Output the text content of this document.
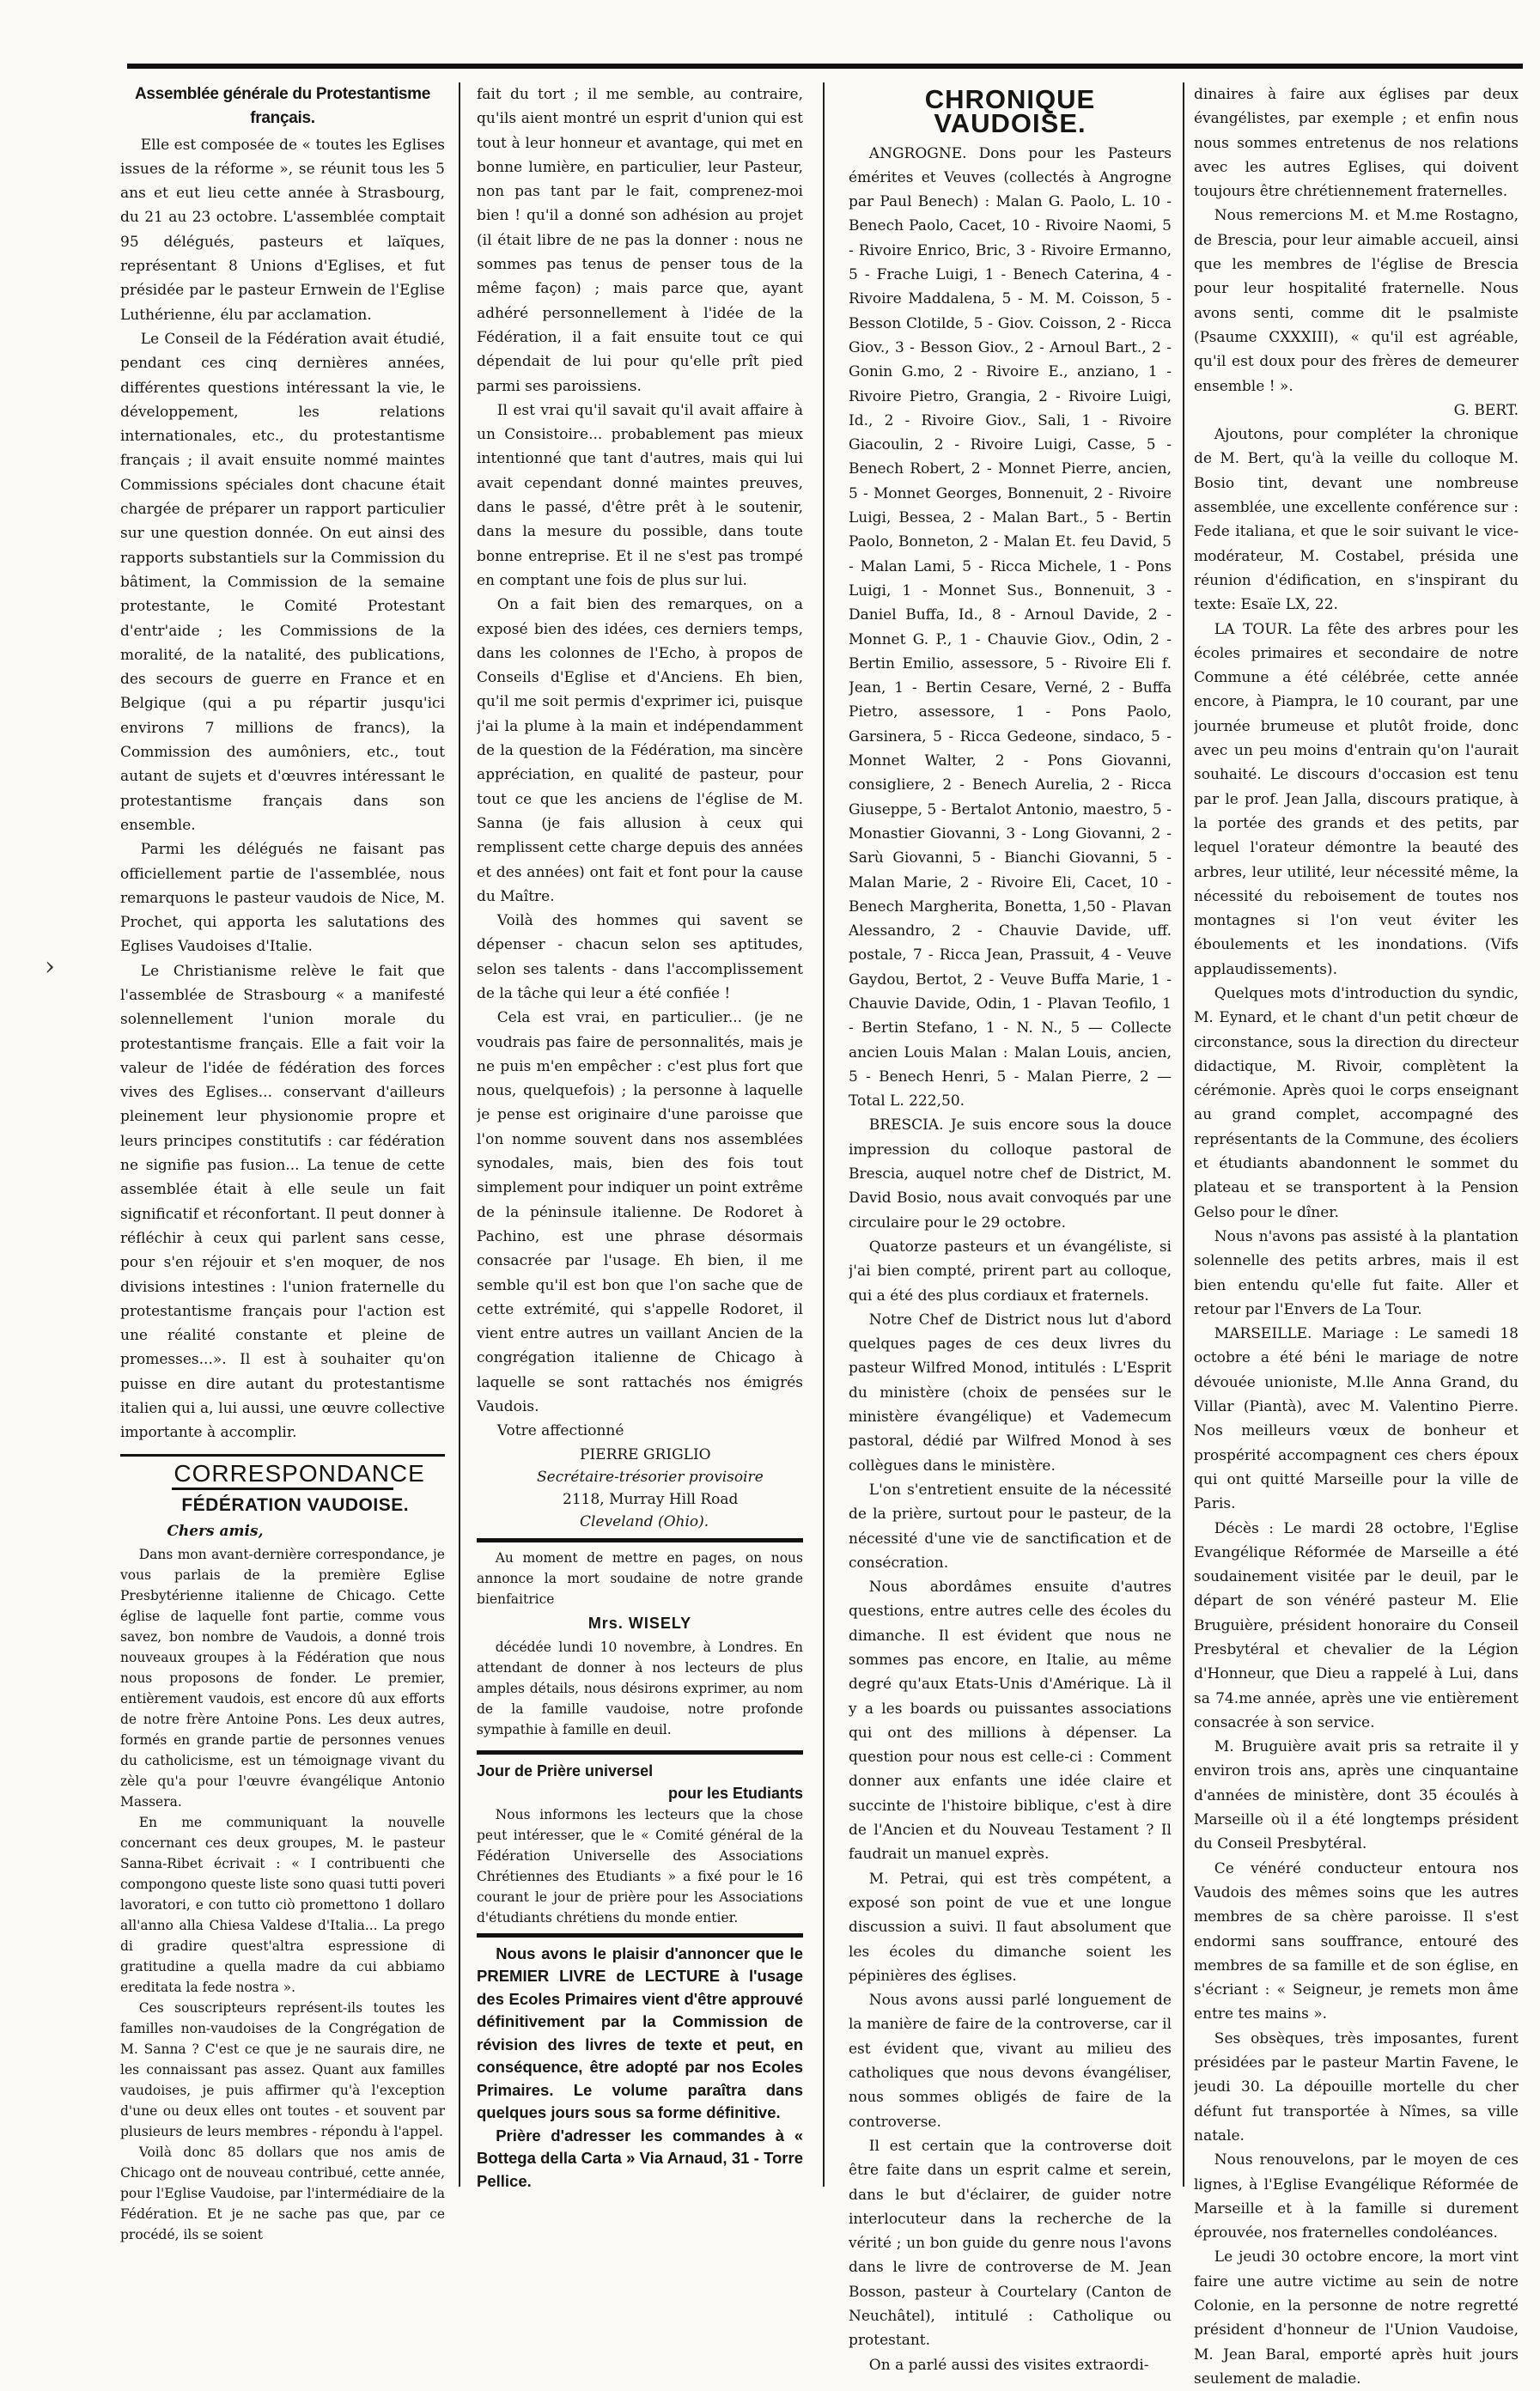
›

Assemblée générale du Protestantisme français.

Elle est composée de « toutes les Eglises issues de la réforme », se réunit tous les 5 ans et eut lieu cette année à Strasbourg, du 21 au 23 octobre. L'assemblée comptait 95 délégués, pasteurs et laïques, représentant 8 Unions d'Eglises, et fut présidée par le pasteur Ernwein de l'Eglise Luthérienne, élu par acclamation.

Le Conseil de la Fédération avait étudié, pendant ces cinq dernières années, différentes questions intéressant la vie, le développement, les relations internationales, etc., du protestantisme français ; il avait ensuite nommé maintes Commissions spéciales dont chacune était chargée de préparer un rapport particulier sur une question donnée. On eut ainsi des rapports substantiels sur la Commission du bâtiment, la Commission de la semaine protestante, le Comité Protestant d'entr'aide ; les Commissions de la moralité, de la natalité, des publications, des secours de guerre en France et en Belgique (qui a pu répartir jusqu'ici environs 7 millions de francs), la Commission des aumôniers, etc., tout autant de sujets et d'œuvres intéressant le protestantisme français dans son ensemble.

Parmi les délégués ne faisant pas officiellement partie de l'assemblée, nous remarquons le pasteur vaudois de Nice, M. Prochet, qui apporta les salutations des Eglises Vaudoises d'Italie.

Le Christianisme relève le fait que l'assemblée de Strasbourg « a manifesté solennellement l'union morale du protestantisme français. Elle a fait voir la valeur de l'idée de fédération des forces vives des Eglises... conservant d'ailleurs pleinement leur physionomie propre et leurs principes constitutifs : car fédération ne signifie pas fusion... La tenue de cette assemblée était à elle seule un fait significatif et réconfortant. Il peut donner à réfléchir à ceux qui parlent sans cesse, pour s'en réjouir et s'en moquer, de nos divisions intestines : l'union fraternelle du protestantisme français pour l'action est une réalité constante et pleine de promesses...». Il est à souhaiter qu'on puisse en dire autant du protestantisme italien qui a, lui aussi, une œuvre collective importante à accomplir.

CORRESPONDANCE

FÉDÉRATION VAUDOISE.

Chers amis,

Dans mon avant-dernière correspondance, je vous parlais de la première Eglise Presbytérienne italienne de Chicago. Cette église de laquelle font partie, comme vous savez, bon nombre de Vaudois, a donné trois nouveaux groupes à la Fédération que nous nous proposons de fonder. Le premier, entièrement vaudois, est encore dû aux efforts de notre frère Antoine Pons. Les deux autres, formés en grande partie de personnes venues du catholicisme, est un témoignage vivant du zèle qu'a pour l'œuvre évangélique Antonio Massera.

En me communiquant la nouvelle concernant ces deux groupes, M. le pasteur Sanna-Ribet écrivait : « I contribuenti che compongono queste liste sono quasi tutti poveri lavoratori, e con tutto ciò promettono 1 dollaro all'anno alla Chiesa Valdese d'Italia... La prego di gradire quest'altra espressione di gratitudine a quella madre da cui abbiamo ereditata la fede nostra ».

Ces souscripteurs représent-ils toutes les familles non-vaudoises de la Congrégation de M. Sanna ? C'est ce que je ne saurais dire, ne les connaissant pas assez. Quant aux familles vaudoises, je puis affirmer qu'à l'exception d'une ou deux elles ont toutes - et souvent par plusieurs de leurs membres - répondu à l'appel.

Voilà donc 85 dollars que nos amis de Chicago ont de nouveau contribué, cette année, pour l'Eglise Vaudoise, par l'intermédiaire de la Fédération. Et je ne sache pas que, par ce procédé, ils se soient

fait du tort ; il me semble, au contraire, qu'ils aient montré un esprit d'union qui est tout à leur honneur et avantage, qui met en bonne lumière, en particulier, leur Pasteur, non pas tant par le fait, comprenez-moi bien ! qu'il a donné son adhésion au projet (il était libre de ne pas la donner : nous ne sommes pas tenus de penser tous de la même façon) ; mais parce que, ayant adhéré personnellement à l'idée de la Fédération, il a fait ensuite tout ce qui dépendait de lui pour qu'elle prît pied parmi ses paroissiens.

Il est vrai qu'il savait qu'il avait affaire à un Consistoire... probablement pas mieux intentionné que tant d'autres, mais qui lui avait cependant donné maintes preuves, dans le passé, d'être prêt à le soutenir, dans la mesure du possible, dans toute bonne entreprise. Et il ne s'est pas trompé en comptant une fois de plus sur lui.

On a fait bien des remarques, on a exposé bien des idées, ces derniers temps, dans les colonnes de l'Echo, à propos de Conseils d'Eglise et d'Anciens. Eh bien, qu'il me soit permis d'exprimer ici, puisque j'ai la plume à la main et indépendamment de la question de la Fédération, ma sincère appréciation, en qualité de pasteur, pour tout ce que les anciens de l'église de M. Sanna (je fais allusion à ceux qui remplissent cette charge depuis des années et des années) ont fait et font pour la cause du Maître.

Voilà des hommes qui savent se dépenser - chacun selon ses aptitudes, selon ses talents - dans l'accomplissement de la tâche qui leur a été confiée !

Cela est vrai, en particulier... (je ne voudrais pas faire de personnalités, mais je ne puis m'en empêcher : c'est plus fort que nous, quelquefois) ; la personne à laquelle je pense est originaire d'une paroisse que l'on nomme souvent dans nos assemblées synodales, mais, bien des fois tout simplement pour indiquer un point extrême de la péninsule italienne. De Rodoret à Pachino, est une phrase désormais consacrée par l'usage. Eh bien, il me semble qu'il est bon que l'on sache que de cette extrémité, qui s'appelle Rodoret, il vient entre autres un vaillant Ancien de la congrégation italienne de Chicago à laquelle se sont rattachés nos émigrés Vaudois.

Votre affectionné

PIERRE GRIGLIO

Secrétaire-trésorier provisoire

2118, Murray Hill Road

Cleveland (Ohio).

Au moment de mettre en pages, on nous annonce la mort soudaine de notre grande bienfaitrice

Mrs. WISELY

décédée lundi 10 novembre, à Londres. En attendant de donner à nos lecteurs de plus amples détails, nous désirons exprimer, au nom de la famille vaudoise, notre profonde sympathie à famille en deuil.

Jour de Prière universel

pour les Etudiants

Nous informons les lecteurs que la chose peut intéresser, que le « Comité général de la Fédération Universelle des Associations Chrétiennes des Etudiants » a fixé pour le 16 courant le jour de prière pour les Associations d'étudiants chrétiens du monde entier.

Nous avons le plaisir d'annoncer que le PREMIER LIVRE de LECTURE à l'usage des Ecoles Primaires vient d'être approuvé définitivement par la Commission de révision des livres de texte et peut, en conséquence, être adopté par nos Ecoles Primaires. Le volume paraîtra dans quelques jours sous sa forme définitive.

Prière d'adresser les commandes à « Bottega della Carta » Via Arnaud, 31 - Torre Pellice.

CHRONIQUE VAUDOISE.

ANGROGNE. Dons pour les Pasteurs émérites et Veuves (collectés à Angrogne par Paul Benech) : Malan G. Paolo, L. 10 - Benech Paolo, Cacet, 10 - Rivoire Naomi, 5 - Rivoire Enrico, Bric, 3 - Rivoire Ermanno, 5 - Frache Luigi, 1 - Benech Caterina, 4 - Rivoire Maddalena, 5 - M. M. Coisson, 5 - Besson Clotilde, 5 - Giov. Coisson, 2 - Ricca Giov., 3 - Besson Giov., 2 - Arnoul Bart., 2 - Gonin G.mo, 2 - Rivoire E., anziano, 1 - Rivoire Pietro, Grangia, 2 - Rivoire Luigi, Id., 2 - Rivoire Giov., Sali, 1 - Rivoire Giacoulin, 2 - Rivoire Luigi, Casse, 5 - Benech Robert, 2 - Monnet Pierre, ancien, 5 - Monnet Georges, Bonnenuit, 2 - Rivoire Luigi, Bessea, 2 - Malan Bart., 5 - Bertin Paolo, Bonneton, 2 - Malan Et. feu David, 5 - Malan Lami, 5 - Ricca Michele, 1 - Pons Luigi, 1 - Monnet Sus., Bonnenuit, 3 - Daniel Buffa, Id., 8 - Arnoul Davide, 2 - Monnet G. P., 1 - Chauvie Giov., Odin, 2 - Bertin Emilio, assessore, 5 - Rivoire Eli f. Jean, 1 - Bertin Cesare, Verné, 2 - Buffa Pietro, assessore, 1 - Pons Paolo, Garsinera, 5 - Ricca Gedeone, sindaco, 5 - Monnet Walter, 2 - Pons Giovanni, consigliere, 2 - Benech Aurelia, 2 - Ricca Giuseppe, 5 - Bertalot Antonio, maestro, 5 - Monastier Giovanni, 3 - Long Giovanni, 2 - Sarù Giovanni, 5 - Bianchi Giovanni, 5 - Malan Marie, 2 - Rivoire Eli, Cacet, 10 - Benech Margherita, Bonetta, 1,50 - Plavan Alessandro, 2 - Chauvie Davide, uff. postale, 7 - Ricca Jean, Prassuit, 4 - Veuve Gaydou, Bertot, 2 - Veuve Buffa Marie, 1 - Chauvie Davide, Odin, 1 - Plavan Teofilo, 1 - Bertin Stefano, 1 - N. N., 5 — Collecte ancien Louis Malan : Malan Louis, ancien, 5 - Benech Henri, 5 - Malan Pierre, 2 — Total L. 222,50.

BRESCIA. Je suis encore sous la douce impression du colloque pastoral de Brescia, auquel notre chef de District, M. David Bosio, nous avait convoqués par une circulaire pour le 29 octobre.

Quatorze pasteurs et un évangéliste, si j'ai bien compté, prirent part au colloque, qui a été des plus cordiaux et fraternels.

Notre Chef de District nous lut d'abord quelques pages de ces deux livres du pasteur Wilfred Monod, intitulés : L'Esprit du ministère (choix de pensées sur le ministère évangélique) et Vademecum pastoral, dédié par Wilfred Monod à ses collègues dans le ministère.

L'on s'entretient ensuite de la nécessité de la prière, surtout pour le pasteur, de la nécessité d'une vie de sanctification et de consécration.

Nous abordâmes ensuite d'autres questions, entre autres celle des écoles du dimanche. Il est évident que nous ne sommes pas encore, en Italie, au même degré qu'aux Etats-Unis d'Amérique. Là il y a les boards ou puissantes associations qui ont des millions à dépenser. La question pour nous est celle-ci : Comment donner aux enfants une idée claire et succinte de l'histoire biblique, c'est à dire de l'Ancien et du Nouveau Testament ? Il faudrait un manuel exprès.

M. Petrai, qui est très compétent, a exposé son point de vue et une longue discussion a suivi. Il faut absolument que les écoles du dimanche soient les pépinières des églises.

Nous avons aussi parlé longuement de la manière de faire de la controverse, car il est évident que, vivant au milieu des catholiques que nous devons évangéliser, nous sommes obligés de faire de la controverse.

Il est certain que la controverse doit être faite dans un esprit calme et serein, dans le but d'éclairer, de guider notre interlocuteur dans la recherche de la vérité ; un bon guide du genre nous l'avons dans le livre de controverse de M. Jean Bosson, pasteur à Courtelary (Canton de Neuchâtel), intitulé : Catholique ou protestant.

On a parlé aussi des visites extraordi-

dinaires à faire aux églises par deux évangélistes, par exemple ; et enfin nous nous sommes entretenus de nos relations avec les autres Eglises, qui doivent toujours être chrétiennement fraternelles.

Nous remercions M. et M.me Rostagno, de Brescia, pour leur aimable accueil, ainsi que les membres de l'église de Brescia pour leur hospitalité fraternelle. Nous avons senti, comme dit le psalmiste (Psaume CXXXIII), « qu'il est agréable, qu'il est doux pour des frères de demeurer ensemble ! ».

G. BERT.

Ajoutons, pour compléter la chronique de M. Bert, qu'à la veille du colloque M. Bosio tint, devant une nombreuse assemblée, une excellente conférence sur : Fede italiana, et que le soir suivant le vice-modérateur, M. Costabel, présida une réunion d'édification, en s'inspirant du texte: Esaïe LX, 22.

LA TOUR. La fête des arbres pour les écoles primaires et secondaire de notre Commune a été célébrée, cette année encore, à Piampra, le 10 courant, par une journée brumeuse et plutôt froide, donc avec un peu moins d'entrain qu'on l'aurait souhaité. Le discours d'occasion est tenu par le prof. Jean Jalla, discours pratique, à la portée des grands et des petits, par lequel l'orateur démontre la beauté des arbres, leur utilité, leur nécessité même, la nécessité du reboisement de toutes nos montagnes si l'on veut éviter les éboulements et les inondations. (Vifs applaudissements).

Quelques mots d'introduction du syndic, M. Eynard, et le chant d'un petit chœur de circonstance, sous la direction du directeur didactique, M. Rivoir, complètent la cérémonie. Après quoi le corps enseignant au grand complet, accompagné des représentants de la Commune, des écoliers et étudiants abandonnent le sommet du plateau et se transportent à la Pension Gelso pour le dîner.

Nous n'avons pas assisté à la plantation solennelle des petits arbres, mais il est bien entendu qu'elle fut faite. Aller et retour par l'Envers de La Tour.

MARSEILLE. Mariage : Le samedi 18 octobre a été béni le mariage de notre dévouée unioniste, M.lle Anna Grand, du Villar (Piantà), avec M. Valentino Pierre. Nos meilleurs vœux de bonheur et prospérité accompagnent ces chers époux qui ont quitté Marseille pour la ville de Paris.

Décès : Le mardi 28 octobre, l'Eglise Evangélique Réformée de Marseille a été soudainement visitée par le deuil, par le départ de son vénéré pasteur M. Elie Bruguière, président honoraire du Conseil Presbytéral et chevalier de la Légion d'Honneur, que Dieu a rappelé à Lui, dans sa 74.me année, après une vie entièrement consacrée à son service.

M. Bruguière avait pris sa retraite il y environ trois ans, après une cinquantaine d'années de ministère, dont 35 écoulés à Marseille où il a été longtemps président du Conseil Presbytéral.

Ce vénéré conducteur entoura nos Vaudois des mêmes soins que les autres membres de sa chère paroisse. Il s'est endormi sans souffrance, entouré des membres de sa famille et de son église, en s'écriant : « Seigneur, je remets mon âme entre tes mains ».

Ses obsèques, très imposantes, furent présidées par le pasteur Martin Favene, le jeudi 30. La dépouille mortelle du cher défunt fut transportée à Nîmes, sa ville natale.

Nous renouvelons, par le moyen de ces lignes, à l'Eglise Evangélique Réformée de Marseille et à la famille si durement éprouvée, nos fraternelles condoléances.

Le jeudi 30 octobre encore, la mort vint faire une autre victime au sein de notre Colonie, en la personne de notre regretté président d'honneur de l'Union Vaudoise, M. Jean Baral, emporté après huit jours seulement de maladie.
